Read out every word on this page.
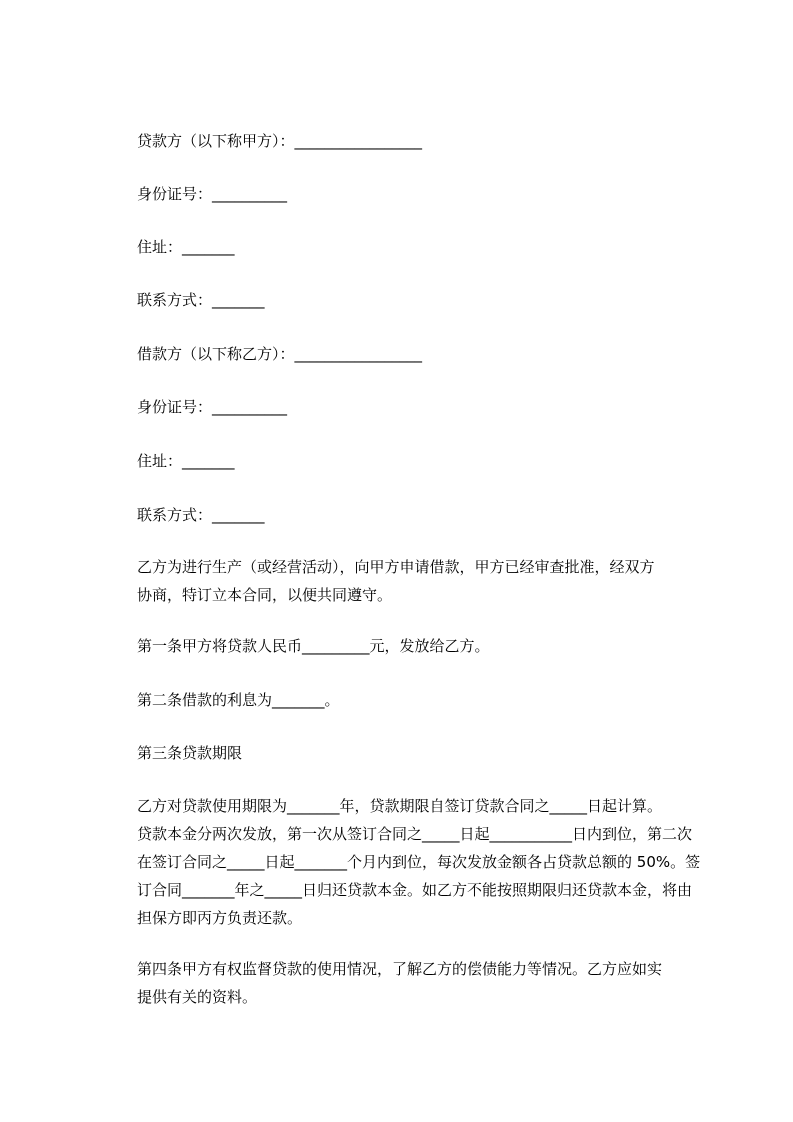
贷款方（以下称甲方）：_________________
身份证号：__________
住址：_______
联系方式：_______
借款方（以下称乙方）：_________________
身份证号：__________
住址：_______
联系方式：_______
乙方为进行生产（或经营活动），向甲方申请借款，甲方已经审查批准，经双方
协商，特订立本合同，以便共同遵守。
第一条甲方将贷款人民币_________元，发放给乙方。
第二条借款的利息为_______。
第三条贷款期限
乙方对贷款使用期限为_______年，贷款期限自签订贷款合同之_____日起计算。
贷款本金分两次发放，第一次从签订合同之_____日起___________日内到位，第二次
在签订合同之_____日起_______个月内到位，每次发放金额各占贷款总额的 50%。签
订合同_______年之_____日归还贷款本金。如乙方不能按照期限归还贷款本金，将由
担保方即丙方负责还款。
第四条甲方有权监督贷款的使用情况，了解乙方的偿债能力等情况。乙方应如实
提供有关的资料。
